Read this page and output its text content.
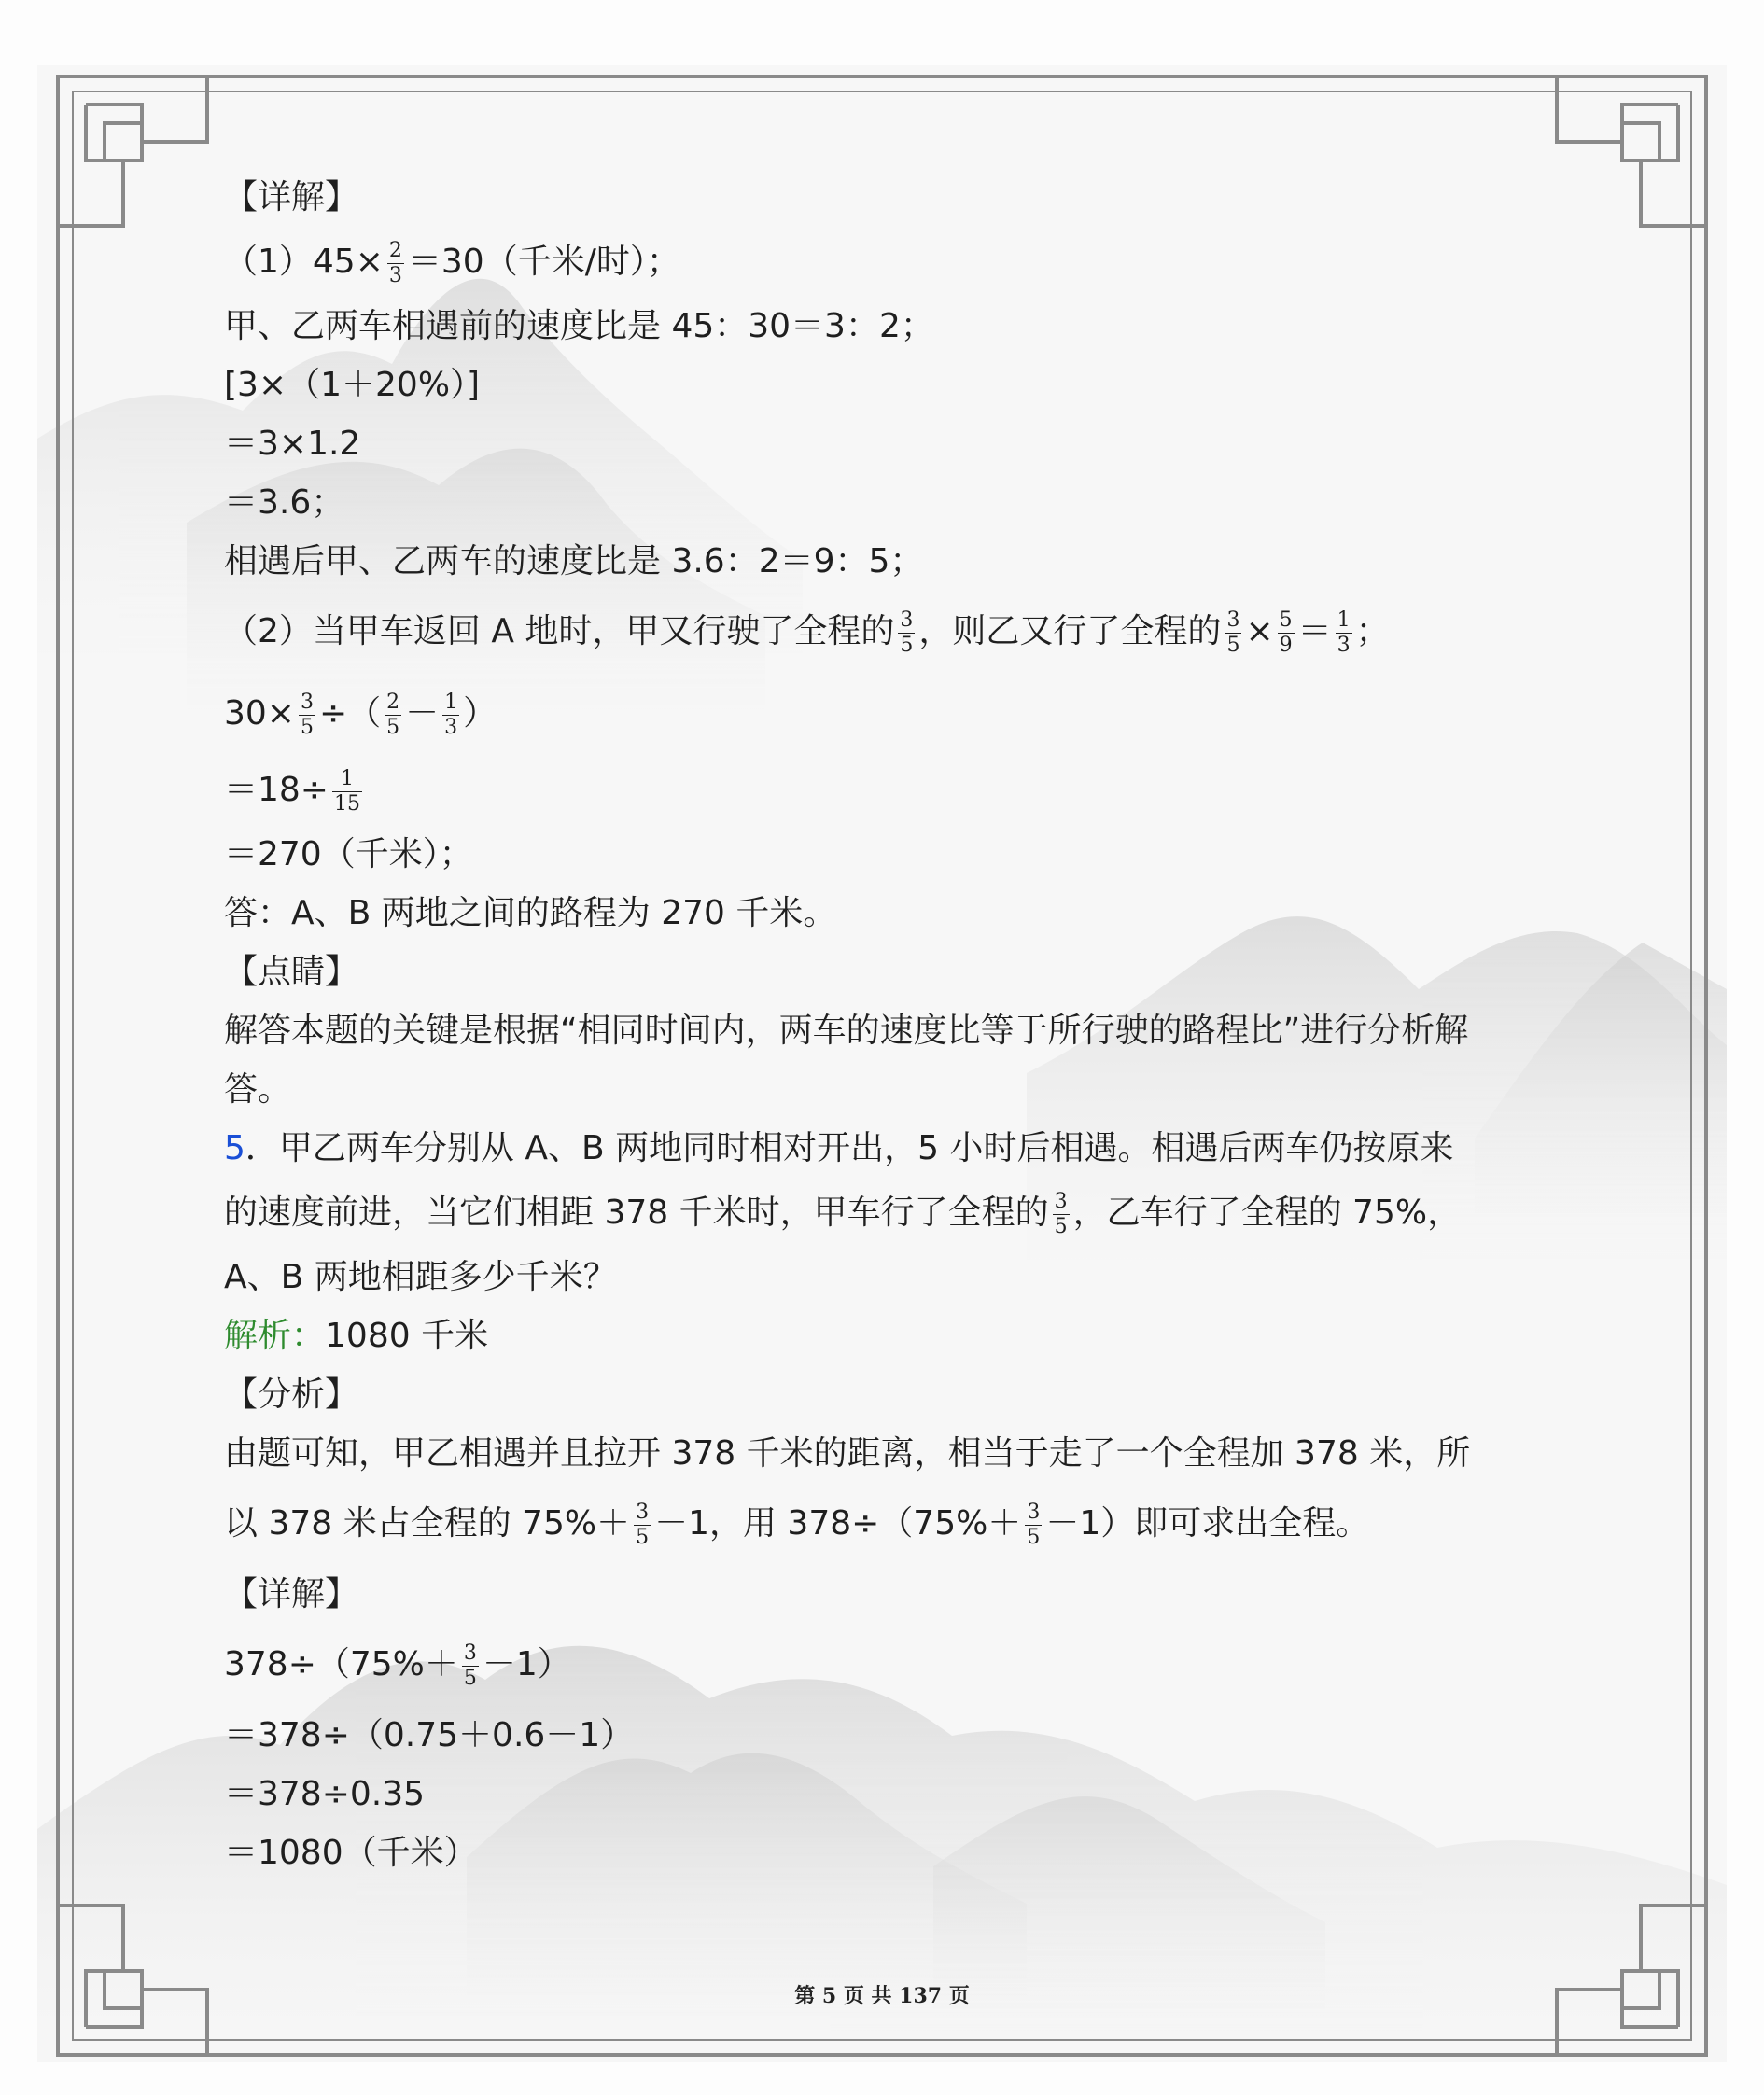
【详解】
$(1)45\times \frac{2}{3} =30$（千米/时）；
甲、乙两车相遇前的速度比是 45：30＝3：2；
[3×（1＋20%）]
＝3×1.2
＝3.6；
相遇后甲、乙两车的速度比是 3.6：2＝9：5；
（2）当甲车返回 A 地时，甲又行驶了全程的 $\frac{3}{5}$ ，则乙又行了全程的 $\frac{3}{5} \times \frac{5}{9} = \frac{1}{3}$ ；
$30\times \frac{3}{5}$ ÷（ $\frac{2}{5} - \frac{1}{3}$ ）
$=18\div \frac{1}{15}$
＝270（千米）；
答：A、B 两地之间的路程为 270 千米。
【点睛】
解答本题的关键是根据“相同时间内，两车的速度比等于所行驶的路程比”进行分析解答。
5．甲乙两车分别从 A、B 两地同时相对开出，5 小时后相遇。相遇后两车仍按原来
的速度前进，当它们相距 378 千米时，甲车行了全程的 $\frac{3}{5}$ ，乙车行了全程的 75%，
A、B 两地相距多少千米？
解析：1080 千米
【分析】
由题可知，甲乙相遇并且拉开 378 千米的距离，相当于走了一个全程加 378 米，所
以 378 米占全程的 $75\%+ \frac{3}{5} -1$，用 $378\div(75\%+ \frac{3}{5} -1)$即可求出全程。
【详解】
$378\div(75\%+ \frac{3}{5} -1)$
＝378÷（0.75＋0.6－1）
＝378÷0.35
＝1080（千米）
第 5 页 共 137 页
